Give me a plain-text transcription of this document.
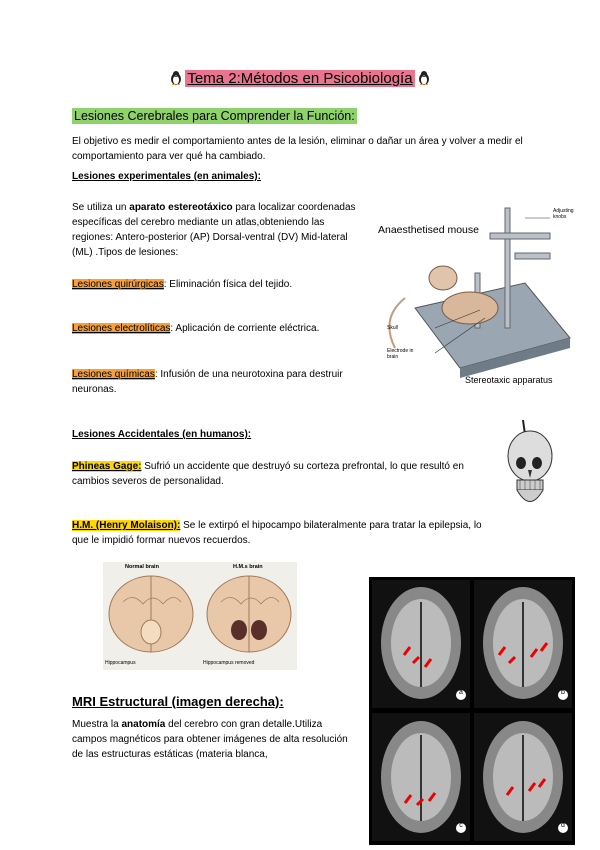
Tema 2:Métodos en Psicobiología
Lesiones Cerebrales para Comprender la Función:
El objetivo es medir el comportamiento antes de la lesión, eliminar o dañar un área y volver a medir el comportamiento para ver qué ha cambiado.
Lesiones experimentales (en animales):
Se utiliza un aparato estereotáxico para localizar coordenadas específicas del cerebro mediante un atlas,obteniendo las regiones: Antero-posterior (AP) Dorsal-ventral (DV) Mid-lateral (ML) .Tipos de lesiones:
Lesiones quirúrgicas: Eliminación física del tejido.
Lesiones electrolíticas: Aplicación de corriente eléctrica.
Lesiones químicas: Infusión de una neurotoxina para destruir neuronas.
Anaesthetised mouse
Adjusting knobs
Skull
Electrode in brain
Stereotaxic apparatus
Lesiones Accidentales (en humanos):
Phineas Gage: Sufrió un accidente que destruyó su corteza prefrontal, lo que resultó en cambios severos de personalidad.
H.M. (Henry Molaison): Se le extirpó el hipocampo bilateralmente para tratar la epilepsia, lo que le impidió formar nuevos recuerdos.
Normal brain	H.M.s brain
Hippocampus	Hippocampus removed
MRI Estructural (imagen derecha):
Muestra la anatomía del cerebro con gran detalle.Utiliza campos magnéticos para obtener imágenes de alta resolución de las estructuras estáticas (materia blanca,
a	b
c	d
